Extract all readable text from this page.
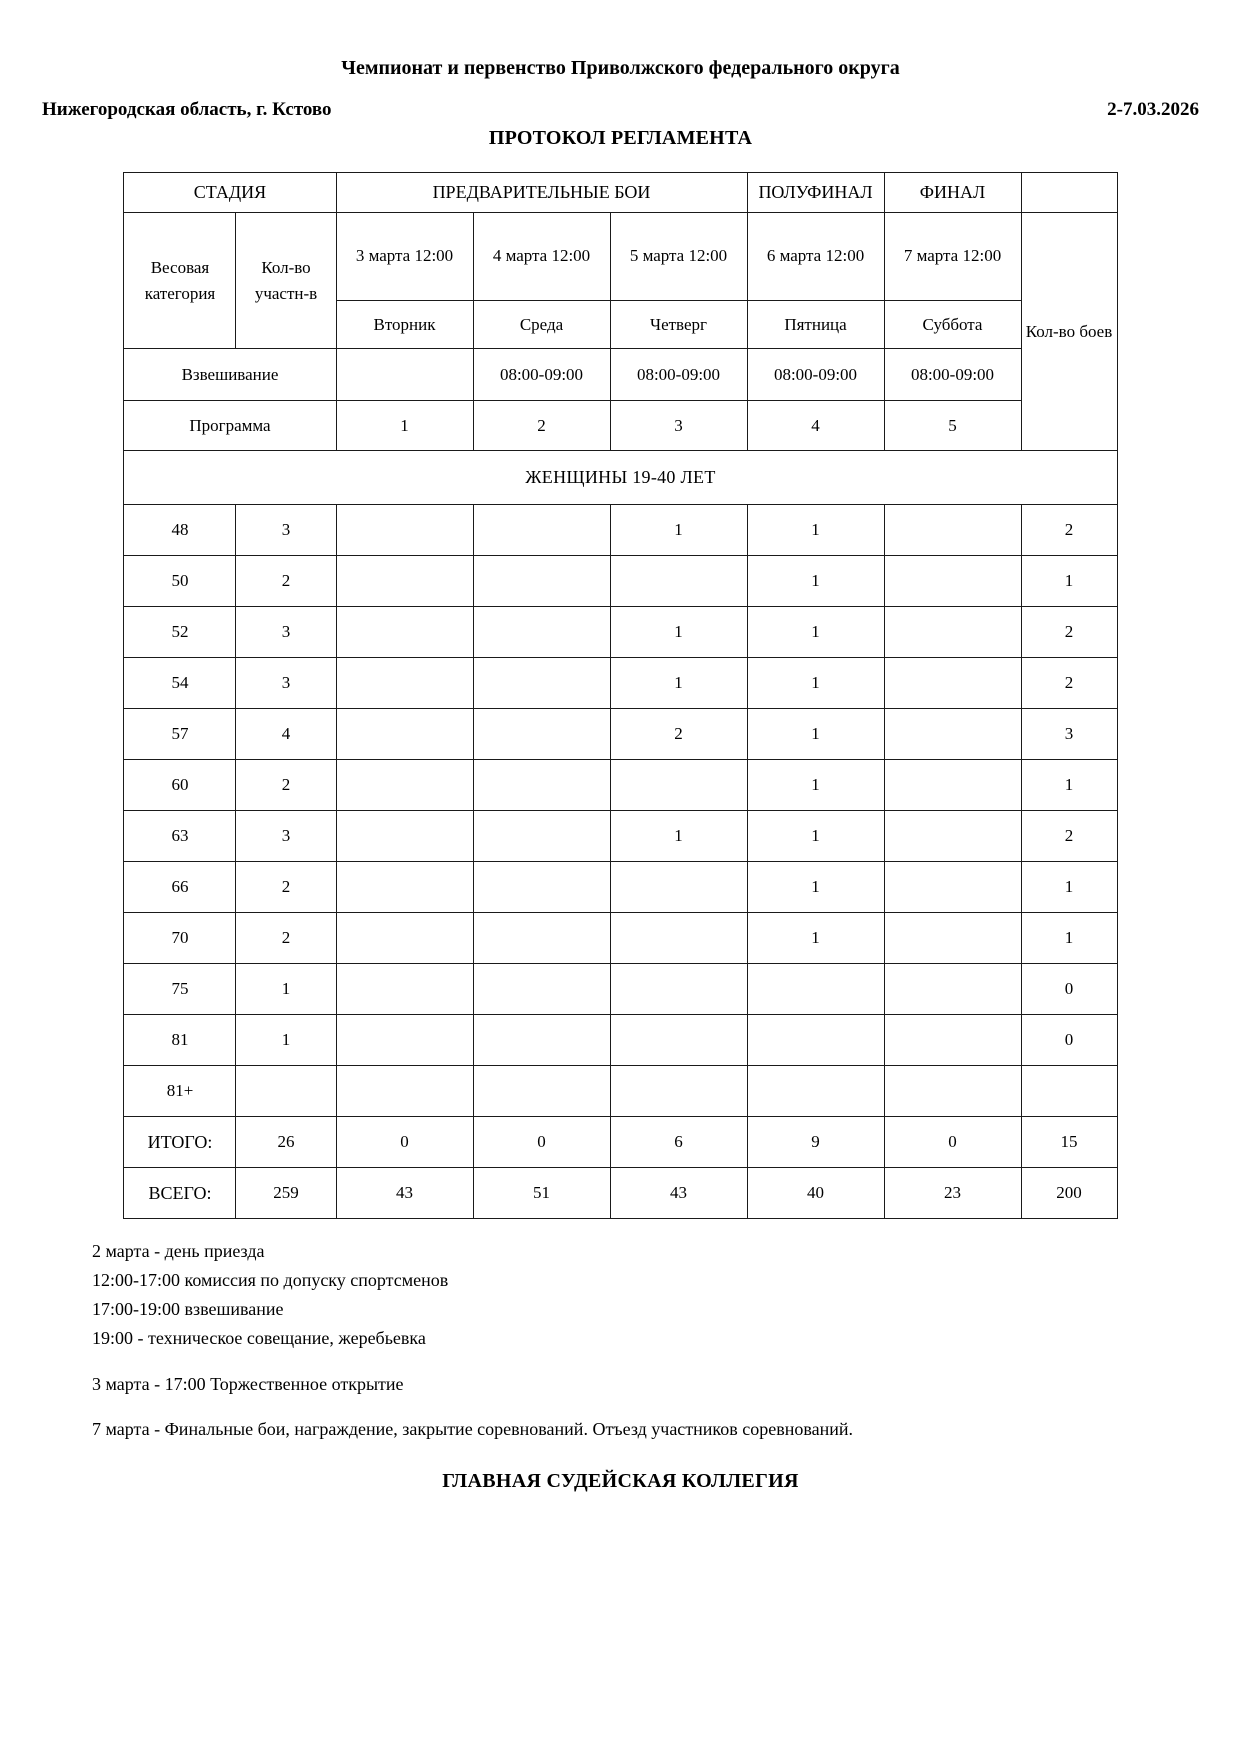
Чемпионат и первенство Приволжского федерального округа
Нижегородская область, г. Кстово	2-7.03.2026
ПРОТОКОЛ РЕГЛАМЕНТА
СТАДИЯ		ПРЕДВАРИТЕЛЬНЫЕ БОИ			ПОЛУФИНАЛ	ФИНАЛ	
Весовая категория	Кол-во участн-в	3 марта 12:00	4 марта 12:00	5 марта 12:00	6 марта 12:00	7 марта 12:00	Кол-во боев
		Вторник	Среда	Четверг	Пятница	Суббота	
Взвешивание			08:00-09:00	08:00-09:00	08:00-09:00	08:00-09:00	
Программа		1	2	3	4	5	
ЖЕНЩИНЫ 19-40 ЛЕТ							
48	3			1	1		2
50	2				1		1
52	3			1	1		2
54	3			1	1		2
57	4			2	1		3
60	2				1		1
63	3			1	1		2
66	2				1		1
70	2				1		1
75	1						0
81	1						0
81+							
ИТОГО:	26	0	0	6	9	0	15
ВСЕГО:	259	43	51	43	40	23	200
2 марта - день приезда
12:00-17:00 комиссия по допуску спортсменов
17:00-19:00 взвешивание
19:00 - техническое совещание, жеребьевка
3 марта - 17:00 Торжественное открытие
7 марта - Финальные бои, награждение, закрытие соревнований. Отъезд участников соревнований.
ГЛАВНАЯ СУДЕЙСКАЯ КОЛЛЕГИЯ
